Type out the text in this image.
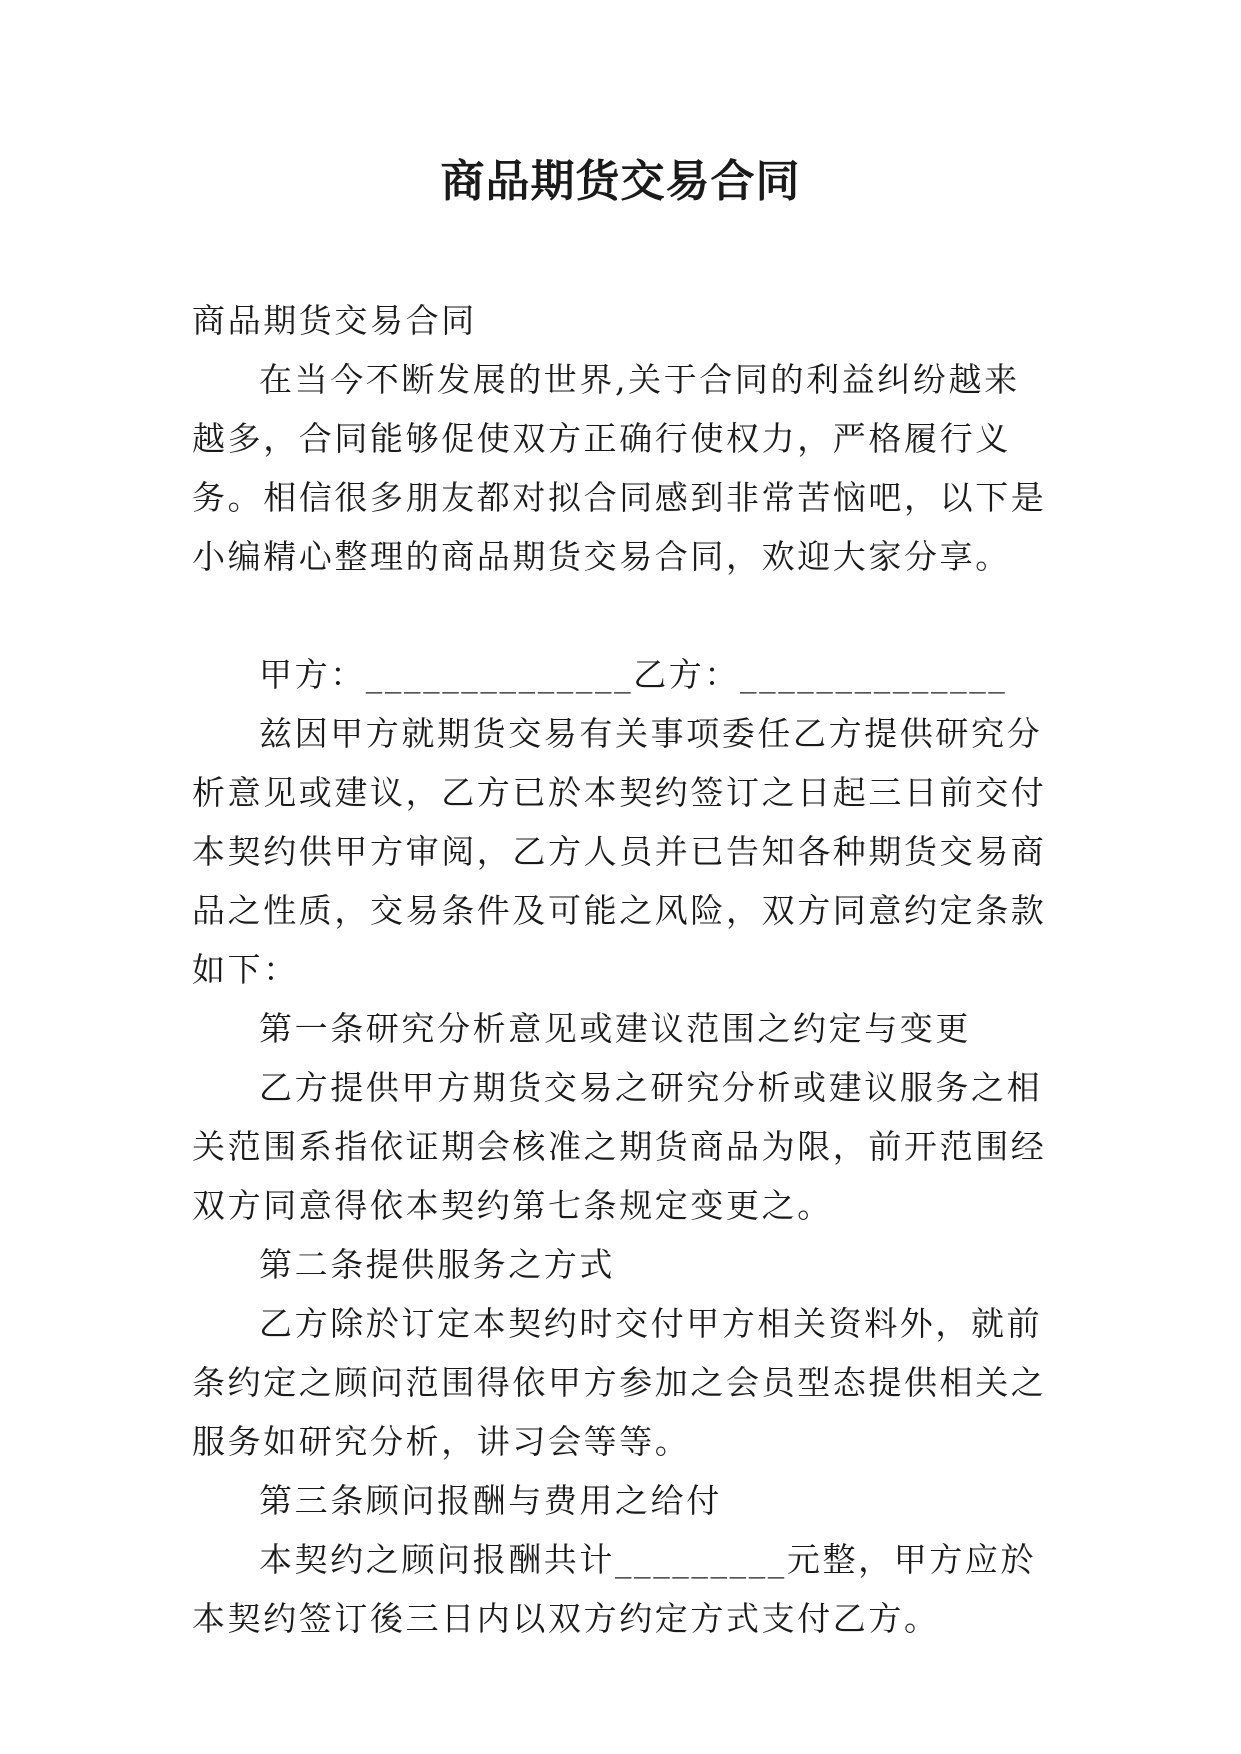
商品期货交易合同

商品期货交易合同

在当今不断发展的世界,关于合同的利益纠纷越来越多，合同能够促使双方正确行使权力，严格履行义务。相信很多朋友都对拟合同感到非常苦恼吧，以下是小编精心整理的商品期货交易合同，欢迎大家分享。

甲方：______________乙方：______________

兹因甲方就期货交易有关事项委任乙方提供研究分析意见或建议，乙方已於本契约签订之日起三日前交付本契约供甲方审阅，乙方人员并已告知各种期货交易商品之性质，交易条件及可能之风险，双方同意约定条款如下：

第一条研究分析意见或建议范围之约定与变更

乙方提供甲方期货交易之研究分析或建议服务之相关范围系指依证期会核准之期货商品为限，前开范围经双方同意得依本契约第七条规定变更之。

第二条提供服务之方式

乙方除於订定本契约时交付甲方相关资料外，就前条约定之顾问范围得依甲方参加之会员型态提供相关之服务如研究分析，讲习会等等。

第三条顾问报酬与费用之给付

本契约之顾问报酬共计_________元整，甲方应於本契约签订後三日内以双方约定方式支付乙方。
